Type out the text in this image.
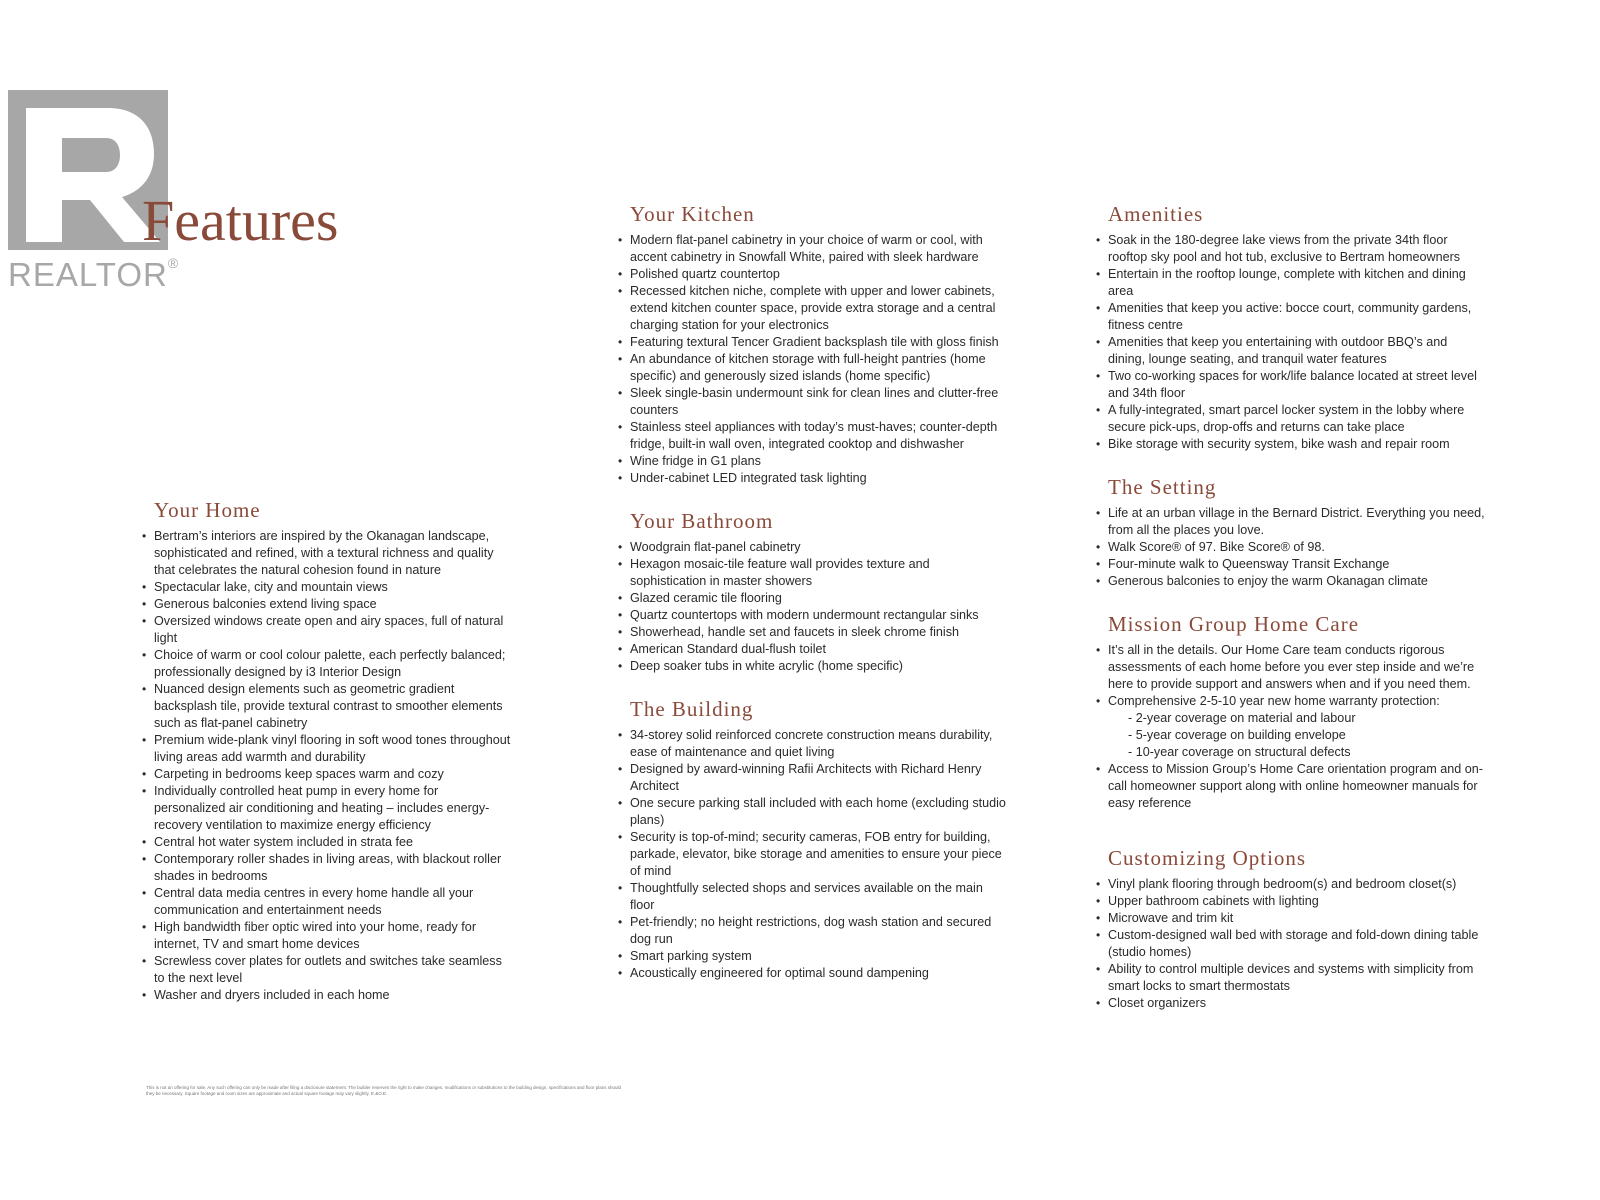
REALTOR®
Features
Your Home
• Bertram’s interiors are inspired by the Okanagan landscape, sophisticated and refined, with a textural richness and quality that celebrates the natural cohesion found in nature
• Spectacular lake, city and mountain views
• Generous balconies extend living space
• Oversized windows create open and airy spaces, full of natural light
• Choice of warm or cool colour palette, each perfectly balanced; professionally designed by i3 Interior Design
• Nuanced design elements such as geometric gradient backsplash tile, provide textural contrast to smoother elements such as flat-panel cabinetry
• Premium wide-plank vinyl flooring in soft wood tones throughout living areas add warmth and durability
• Carpeting in bedrooms keep spaces warm and cozy
• Individually controlled heat pump in every home for personalized air conditioning and heating – includes energy-recovery ventilation to maximize energy efficiency
• Central hot water system included in strata fee
• Contemporary roller shades in living areas, with blackout roller shades in bedrooms
• Central data media centres in every home handle all your communication and entertainment needs
• High bandwidth fiber optic wired into your home, ready for internet, TV and smart home devices
• Screwless cover plates for outlets and switches take seamless to the next level
• Washer and dryers included in each home
Your Kitchen
• Modern flat-panel cabinetry in your choice of warm or cool, with accent cabinetry in Snowfall White, paired with sleek hardware
• Polished quartz countertop
• Recessed kitchen niche, complete with upper and lower cabinets, extend kitchen counter space, provide extra storage and a central charging station for your electronics
• Featuring textural Tencer Gradient backsplash tile with gloss finish
• An abundance of kitchen storage with full-height pantries (home specific) and generously sized islands (home specific)
• Sleek single-basin undermount sink for clean lines and clutter-free counters
• Stainless steel appliances with today’s must-haves; counter-depth fridge, built-in wall oven, integrated cooktop and dishwasher
• Wine fridge in G1 plans
• Under-cabinet LED integrated task lighting
Your Bathroom
• Woodgrain flat-panel cabinetry
• Hexagon mosaic-tile feature wall provides texture and sophistication in master showers
• Glazed ceramic tile flooring
• Quartz countertops with modern undermount rectangular sinks
• Showerhead, handle set and faucets in sleek chrome finish
• American Standard dual-flush toilet
• Deep soaker tubs in white acrylic (home specific)
The Building
• 34-storey solid reinforced concrete construction means durability, ease of maintenance and quiet living
• Designed by award-winning Rafii Architects with Richard Henry Architect
• One secure parking stall included with each home (excluding studio plans)
• Security is top-of-mind; security cameras, FOB entry for building, parkade, elevator, bike storage and amenities to ensure your piece of mind
• Thoughtfully selected shops and services available on the main floor
• Pet-friendly; no height restrictions, dog wash station and secured dog run
• Smart parking system
• Acoustically engineered for optimal sound dampening
Amenities
• Soak in the 180-degree lake views from the private 34th floor rooftop sky pool and hot tub, exclusive to Bertram homeowners
• Entertain in the rooftop lounge, complete with kitchen and dining area
• Amenities that keep you active: bocce court, community gardens, fitness centre
• Amenities that keep you entertaining with outdoor BBQ’s and dining, lounge seating, and tranquil water features
• Two co-working spaces for work/life balance located at street level and 34th floor
• A fully-integrated, smart parcel locker system in the lobby where secure pick-ups, drop-offs and returns can take place
• Bike storage with security system, bike wash and repair room
The Setting
• Life at an urban village in the Bernard District. Everything you need, from all the places you love.
• Walk Score® of 97. Bike Score® of 98.
• Four-minute walk to Queensway Transit Exchange
• Generous balconies to enjoy the warm Okanagan climate
Mission Group Home Care
• It’s all in the details. Our Home Care team conducts rigorous assessments of each home before you ever step inside and we’re here to provide support and answers when and if you need them.
• Comprehensive 2-5-10 year new home warranty protection:
- 2-year coverage on material and labour
- 5-year coverage on building envelope
- 10-year coverage on structural defects
• Access to Mission Group’s Home Care orientation program and on-call homeowner support along with online homeowner manuals for easy reference
Customizing Options
• Vinyl plank flooring through bedroom(s) and bedroom closet(s)
• Upper bathroom cabinets with lighting
• Microwave and trim kit
• Custom-designed wall bed with storage and fold-down dining table (studio homes)
• Ability to control multiple devices and systems with simplicity from smart locks to smart thermostats
• Closet organizers
This is not an offering for sale. Any such offering can only be made after filing a disclosure statement. The builder reserves the right to make changes, modifications or substitutions to the building design, specifications and floor plans should they be necessary. Square footage and room sizes are approximate and actual square footage may vary slightly. E.&O.E.
